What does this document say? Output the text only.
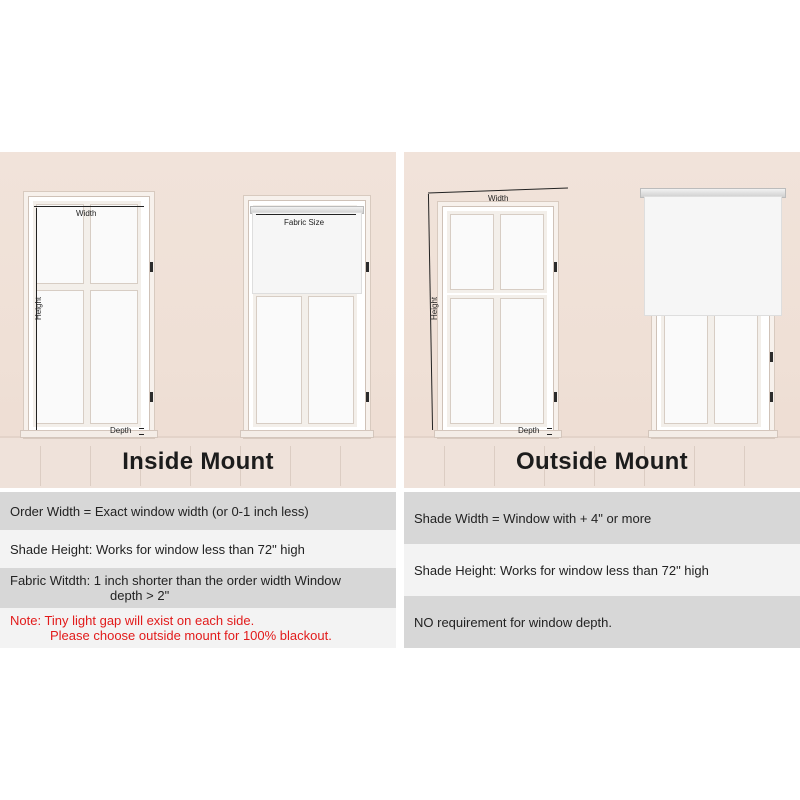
Width
Height
Depth
Fabric Size
Inside Mount
Order Width = Exact window width (or 0-1 inch less)
Shade Height: Works for window less than 72" high
Fabric Witdth: 1 inch shorter than the order width Window
depth > 2"
Note: Tiny light gap will exist on each side.
Please choose outside mount for 100% blackout.
Width
Height
Depth
Outside Mount
Shade Width = Window with + 4" or more
Shade Height: Works for window less than 72" high
NO requirement for window depth.
